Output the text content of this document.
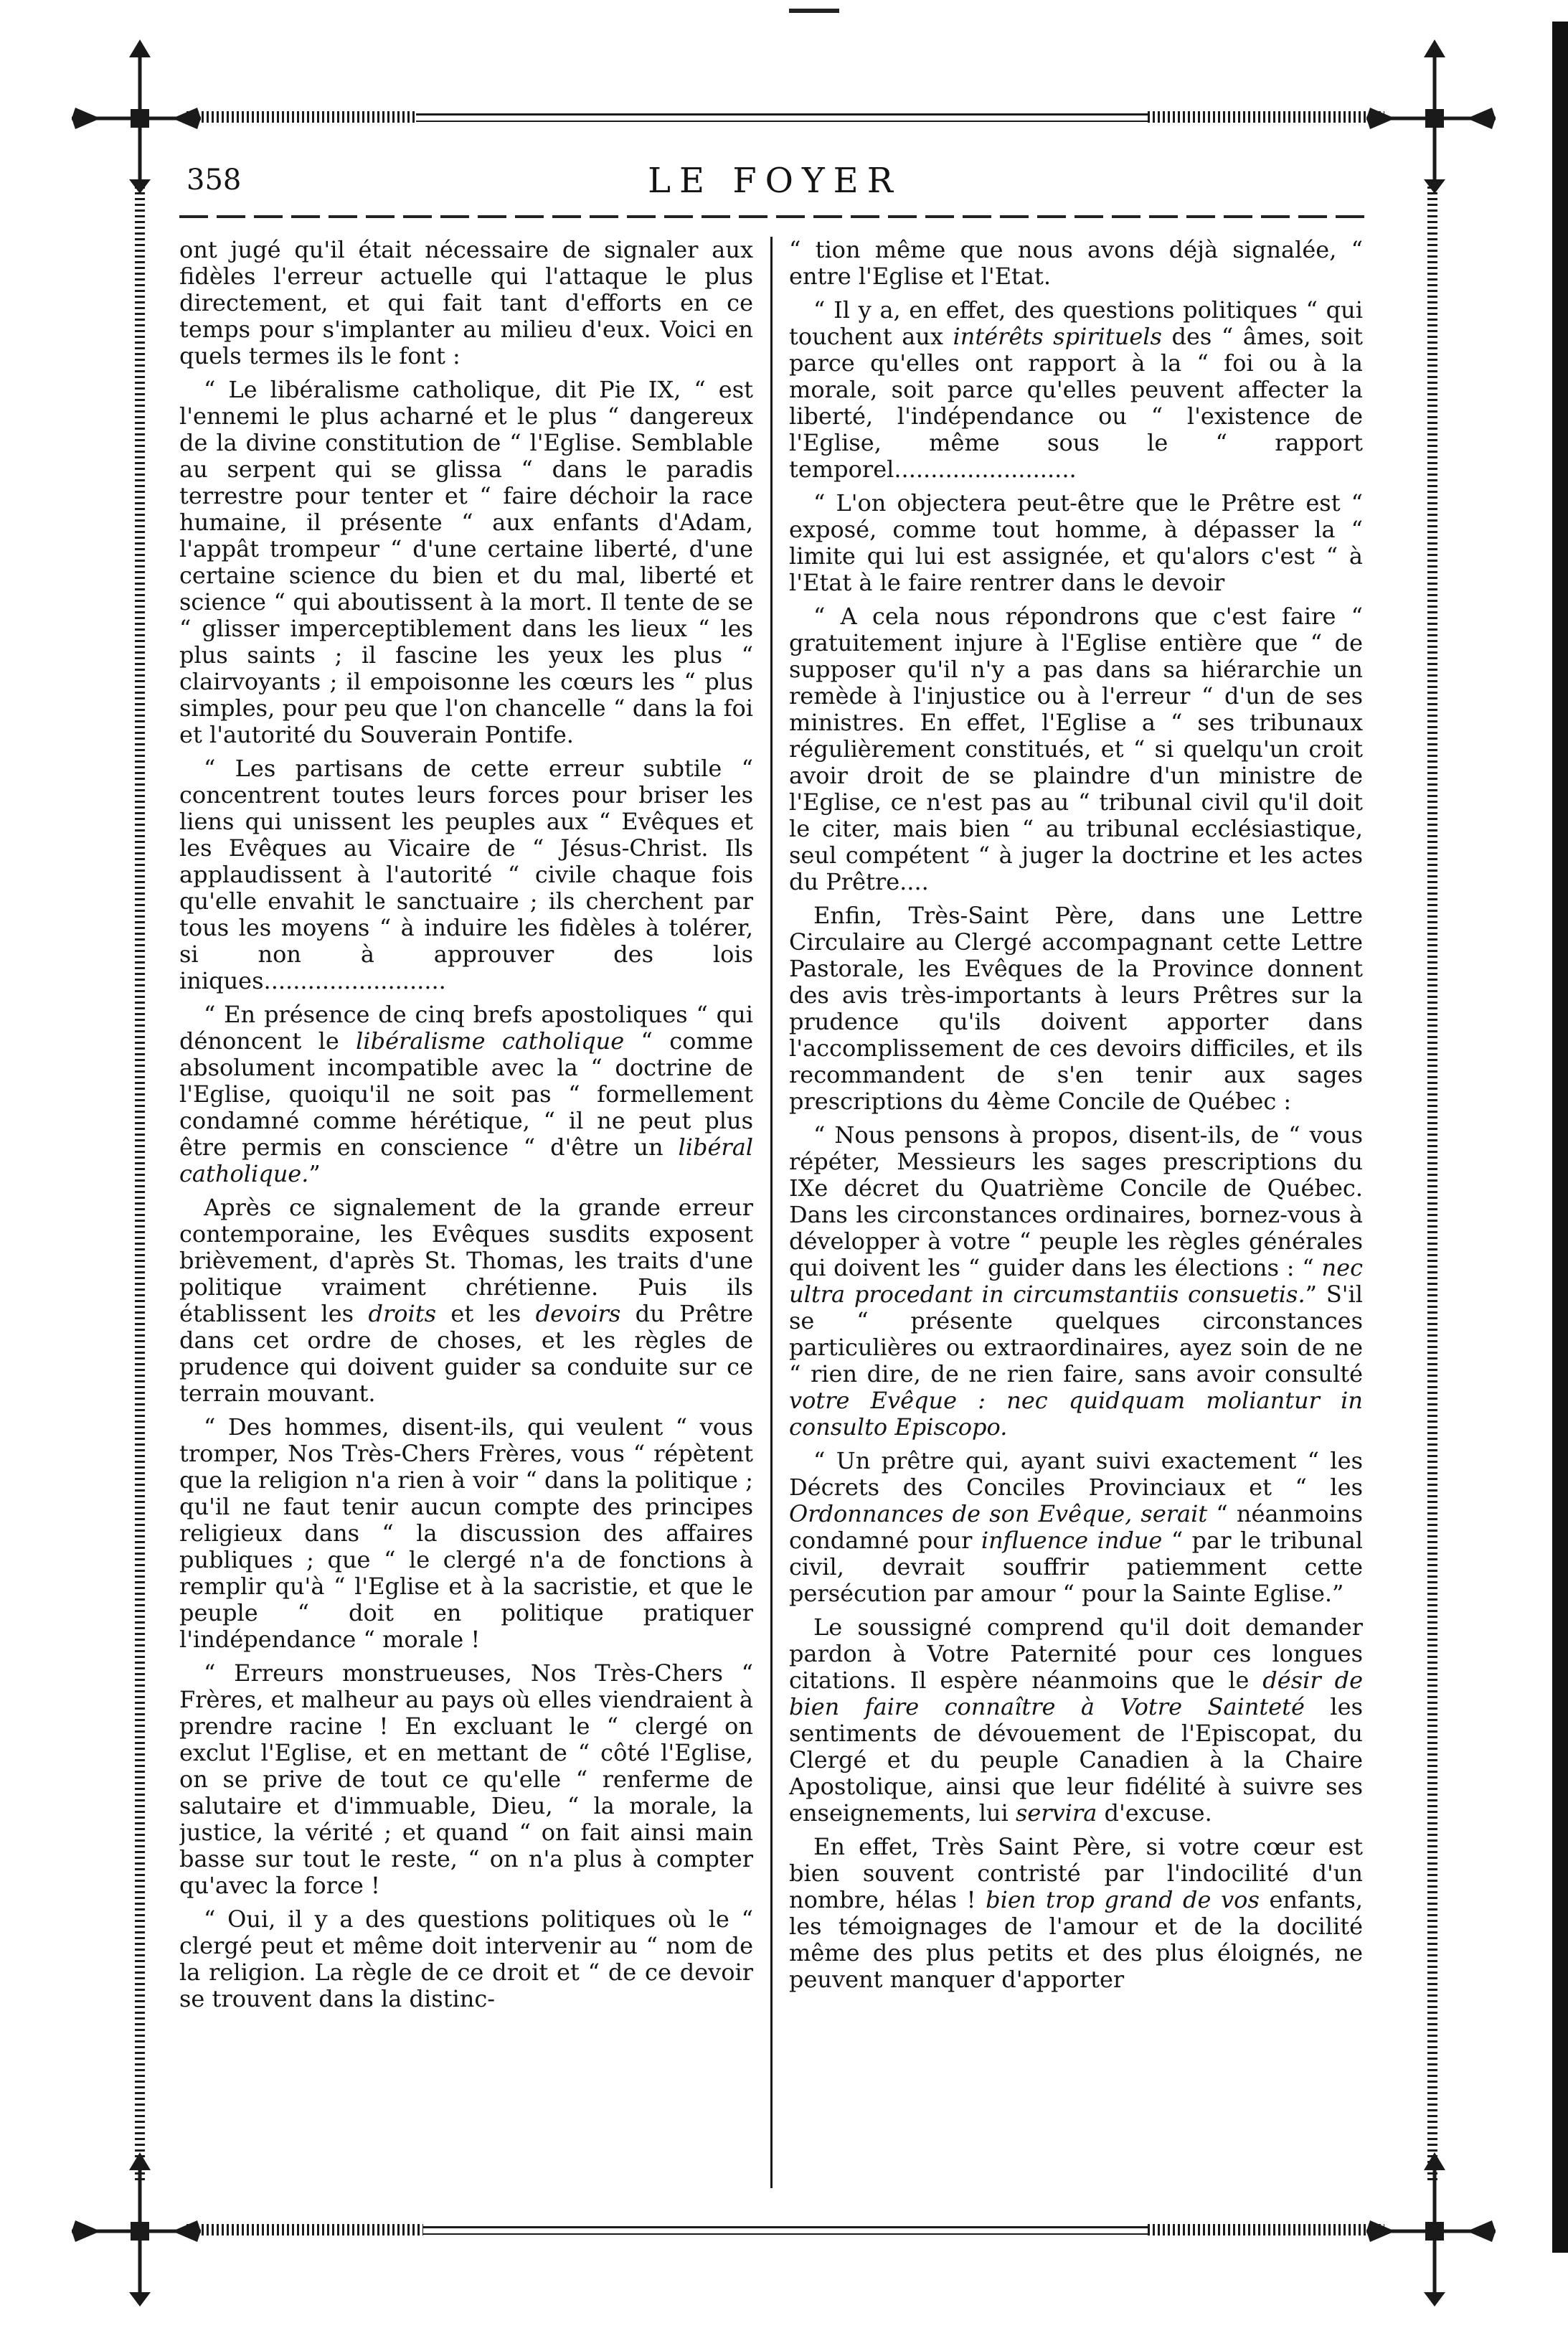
358	LE FOYER

ont jugé qu'il était nécessaire de signaler aux fidèles l'erreur actuelle qui l'attaque le plus directement, et qui fait tant d'efforts en ce temps pour s'implanter au milieu d'eux. Voici en quels termes ils le font :

“ Le libéralisme catholique, dit Pie IX, “ est l'ennemi le plus acharné et le plus “ dangereux de la divine constitution de “ l'Eglise. Semblable au serpent qui se glissa “ dans le paradis terrestre pour tenter et “ faire déchoir la race humaine, il présente “ aux enfants d'Adam, l'appât trompeur “ d'une certaine liberté, d'une certaine science du bien et du mal, liberté et science “ qui aboutissent à la mort. Il tente de se “ glisser imperceptiblement dans les lieux “ les plus saints ; il fascine les yeux les plus “ clairvoyants ; il empoisonne les cœurs les “ plus simples, pour peu que l'on chancelle “ dans la foi et l'autorité du Souverain Pontife.

“ Les partisans de cette erreur subtile “ concentrent toutes leurs forces pour briser les liens qui unissent les peuples aux “ Evêques et les Evêques au Vicaire de “ Jésus-Christ. Ils applaudissent à l'autorité “ civile chaque fois qu'elle envahit le sanctuaire ; ils cherchent par tous les moyens “ à induire les fidèles à tolérer, si non à approuver des lois iniques.........................

“ En présence de cinq brefs apostoliques “ qui dénoncent le libéralisme catholique “ comme absolument incompatible avec la “ doctrine de l'Eglise, quoiqu'il ne soit pas “ formellement condamné comme hérétique, “ il ne peut plus être permis en conscience “ d'être un libéral catholique.”

Après ce signalement de la grande erreur contemporaine, les Evêques susdits exposent brièvement, d'après St. Thomas, les traits d'une politique vraiment chrétienne. Puis ils établissent les droits et les devoirs du Prêtre dans cet ordre de choses, et les règles de prudence qui doivent guider sa conduite sur ce terrain mouvant.

“ Des hommes, disent-ils, qui veulent “ vous tromper, Nos Très-Chers Frères, vous “ répètent que la religion n'a rien à voir “ dans la politique ; qu'il ne faut tenir aucun compte des principes religieux dans “ la discussion des affaires publiques ; que “ le clergé n'a de fonctions à remplir qu'à “ l'Eglise et à la sacristie, et que le peuple “ doit en politique pratiquer l'indépendance “ morale !

“ Erreurs monstrueuses, Nos Très-Chers “ Frères, et malheur au pays où elles viendraient à prendre racine ! En excluant le “ clergé on exclut l'Eglise, et en mettant de “ côté l'Eglise, on se prive de tout ce qu'elle “ renferme de salutaire et d'immuable, Dieu, “ la morale, la justice, la vérité ; et quand “ on fait ainsi main basse sur tout le reste, “ on n'a plus à compter qu'avec la force !

“ Oui, il y a des questions politiques où le “ clergé peut et même doit intervenir au “ nom de la religion. La règle de ce droit et “ de ce devoir se trouvent dans la distinc-

“ tion même que nous avons déjà signalée, “ entre l'Eglise et l'Etat.

“ Il y a, en effet, des questions politiques “ qui touchent aux intérêts spirituels des “ âmes, soit parce qu'elles ont rapport à la “ foi ou à la morale, soit parce qu'elles peuvent affecter la liberté, l'indépendance ou “ l'existence de l'Eglise, même sous le “ rapport temporel.........................

“ L'on objectera peut-être que le Prêtre est “ exposé, comme tout homme, à dépasser la “ limite qui lui est assignée, et qu'alors c'est “ à l'Etat à le faire rentrer dans le devoir

“ A cela nous répondrons que c'est faire “ gratuitement injure à l'Eglise entière que “ de supposer qu'il n'y a pas dans sa hiérarchie un remède à l'injustice ou à l'erreur “ d'un de ses ministres. En effet, l'Eglise a “ ses tribunaux régulièrement constitués, et “ si quelqu'un croit avoir droit de se plaindre d'un ministre de l'Eglise, ce n'est pas au “ tribunal civil qu'il doit le citer, mais bien “ au tribunal ecclésiastique, seul compétent “ à juger la doctrine et les actes du Prêtre....

Enfin, Très-Saint Père, dans une Lettre Circulaire au Clergé accompagnant cette Lettre Pastorale, les Evêques de la Province donnent des avis très-importants à leurs Prêtres sur la prudence qu'ils doivent apporter dans l'accomplissement de ces devoirs difficiles, et ils recommandent de s'en tenir aux sages prescriptions du 4ème Concile de Québec :

“ Nous pensons à propos, disent-ils, de “ vous répéter, Messieurs les sages prescriptions du IXe décret du Quatrième Concile de Québec. Dans les circonstances ordinaires, bornez-vous à développer à votre “ peuple les règles générales qui doivent les “ guider dans les élections : “ nec ultra procedant in circumstantiis consuetis.” S'il se “ présente quelques circonstances particulières ou extraordinaires, ayez soin de ne “ rien dire, de ne rien faire, sans avoir consulté votre Evêque : nec quidquam moliantur in consulto Episcopo.

“ Un prêtre qui, ayant suivi exactement “ les Décrets des Conciles Provinciaux et “ les Ordonnances de son Evêque, serait “ néanmoins condamné pour influence indue “ par le tribunal civil, devrait souffrir patiemment cette persécution par amour “ pour la Sainte Eglise.”

Le soussigné comprend qu'il doit demander pardon à Votre Paternité pour ces longues citations. Il espère néanmoins que le désir de bien faire connaître à Votre Sainteté les sentiments de dévouement de l'Episcopat, du Clergé et du peuple Canadien à la Chaire Apostolique, ainsi que leur fidélité à suivre ses enseignements, lui servira d'excuse.

En effet, Très Saint Père, si votre cœur est bien souvent contristé par l'indocilité d'un nombre, hélas ! bien trop grand de vos enfants, les témoignages de l'amour et de la docilité même des plus petits et des plus éloignés, ne peuvent manquer d'apporter
